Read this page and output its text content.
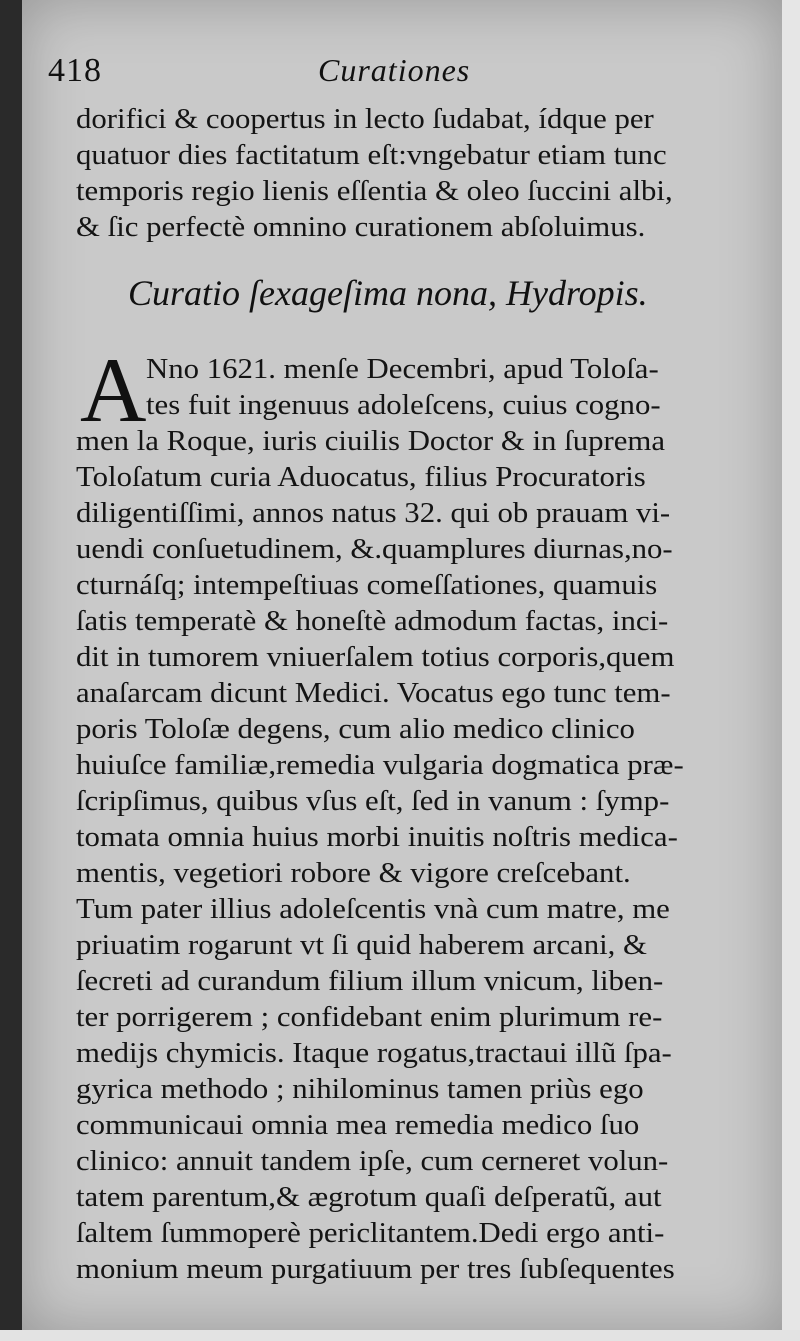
418	Curationes
dorifici & coopertus in lecto ſudabat, ídque per
quatuor dies factitatum eſt:vngebatur etiam tunc
temporis regio lienis eſſentia & oleo ſuccini albi,
& ſic perfectè omnino curationem abſoluimus.
Curatio ſexageſima nona, Hydropis.
A Nno 1621. menſe Decembri, apud Toloſa-
tes fuit ingenuus adoleſcens, cuius cogno-
men la Roque, iuris ciuilis Doctor & in ſuprema
Toloſatum curia Aduocatus, filius Procuratoris
diligentiſſimi, annos natus 32. qui ob prauam vi-
uendi conſuetudinem, &.quamplures diurnas,no-
cturnáſq; intempeſtiuas comeſſationes, quamuis
ſatis temperatè & honeſtè admodum factas, inci-
dit in tumorem vniuerſalem totius corporis,quem
anaſarcam dicunt Medici. Vocatus ego tunc tem-
poris Toloſæ degens, cum alio medico clinico
huiuſce familiæ,remedia vulgaria dogmatica præ-
ſcripſimus, quibus vſus eſt, ſed in vanum : ſymp-
tomata omnia huius morbi inuitis noſtris medica-
mentis, vegetiori robore & vigore creſcebant.
Tum pater illius adoleſcentis vnà cum matre, me
priuatim rogarunt vt ſi quid haberem arcani, &
ſecreti ad curandum filium illum vnicum, liben-
ter porrigerem ; confidebant enim plurimum re-
medijs chymicis. Itaque rogatus,tractaui illũ ſpa-
gyrica methodo ; nihilominus tamen priùs ego
communicaui omnia mea remedia medico ſuo
clinico: annuit tandem ipſe, cum cerneret volun-
tatem parentum,& ægrotum quaſi deſperatũ, aut
ſaltem ſummoperè periclitantem.Dedi ergo anti-
monium meum purgatiuum per tres ſubſequentes
